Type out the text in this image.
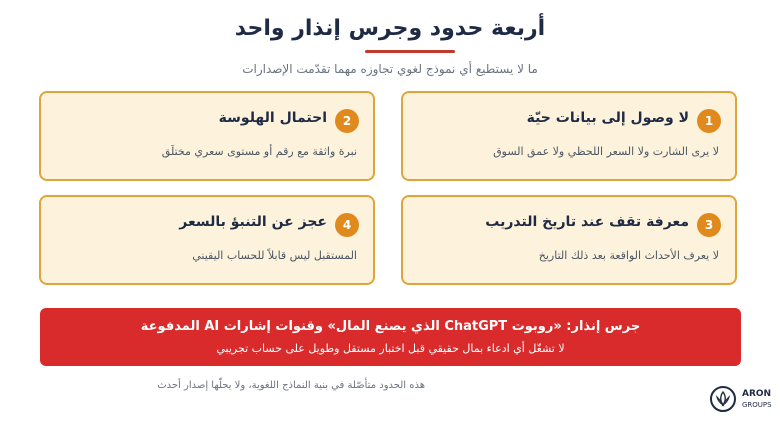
أربعة حدود وجرس إنذار واحد
ما لا يستطيع أي نموذج لغوي تجاوزه مهما تقدّمت الإصدارات
1
لا وصول إلى بيانات حيّة
لا يرى الشارت ولا السعر اللحظي ولا عمق السوق
2
احتمال الهلوسة
نبرة واثقة مع رقم أو مستوى سعري مختلَق
3
معرفة تقف عند تاريخ التدريب
لا يعرف الأحداث الواقعة بعد ذلك التاريخ
4
عجز عن التنبؤ بالسعر
المستقبل ليس قابلاً للحساب اليقيني
جرس إنذار: «روبوت ChatGPT الذي يصنع المال» وقنوات إشارات AI المدفوعة
لا تشغّل أي ادعاء بمال حقيقي قبل اختبار مستقل وطويل على حساب تجريبي
هذه الحدود متأصّلة في بنية النماذج اللغوية، ولا يحلّها إصدار أحدث
ARON
GROUPS
